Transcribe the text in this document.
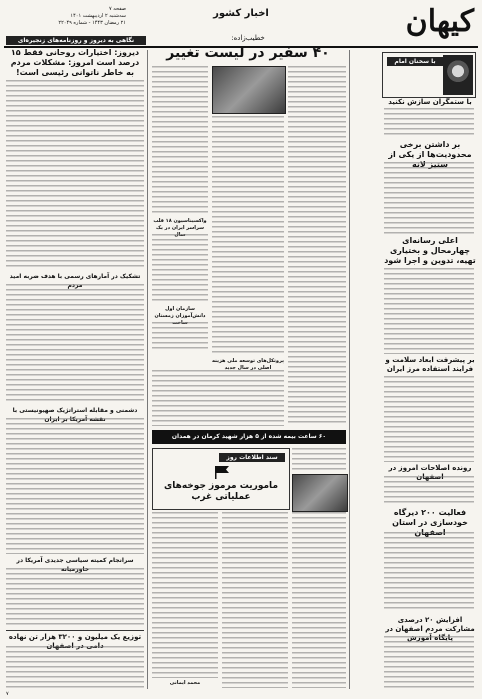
کیهان
اخبار کشور
صفحه ۷
سه‌شنبه ۲ اردیبهشت ۱۴۰۱
۲۱ رمضان ۱۴۴۳ - شماره ۲۲۰۴۹
با سخنان امام
با ستمگران سازش نکنید
بر داشتن برخی محدودیت‌ها از یکی از ستیز لانه
اعلی رسانه‌ای چهارمحال و بختیاری تهیه، تدوین و اجرا شود
بر پیشرفت ابعاد سلامت و فرایند استفاده مرز ایران
رونده اصلاحات امروز در اصفهان
فعالیت ۲۰۰ دیرگاه خودسازی در استان اصفهان
افزایش ۲۰ درصدی مشارکت مردم اصفهان در پایگاه آموزش
خطیب‌زاده:
۴۰ سفیر در لیست تغییر
واکسیناسیون ۱۸ قلب سراسر ایران در یک سال
سازمان اول دانش‌آموزان زمستان ساخت
پروتکل‌های توسعه ملی هزینه اصلی در سال جدید
۶۰ ساعت بیمه شده از ۵ هزار شهید کرمان در همدان
سند اطلاعات روز
ماموریت مرموز جوخه‌های عملیاتی غرب
محمد ایمانی
نگاهی به دیروز و روزنامه‌های زنجیره‌ای
دیروز: اختیارات روحانی فقط ۱۵ درصد است امروز: مشکلات مردم به خاطر ناتوانی رئیسی است!
تشکیک در آمارهای رسمی با هدف ضربه امید مردم
دشمنی و مقابله استراتژیک صهیونیستی با نقشه آمریکا بر ایران
سرانجام کمیته سیاسی جدیدی آمریکا در خاورمیانه
توزیع یک میلیون و ۳۲۰۰ هزار تن نهاده دامی در اصفهان
۷
